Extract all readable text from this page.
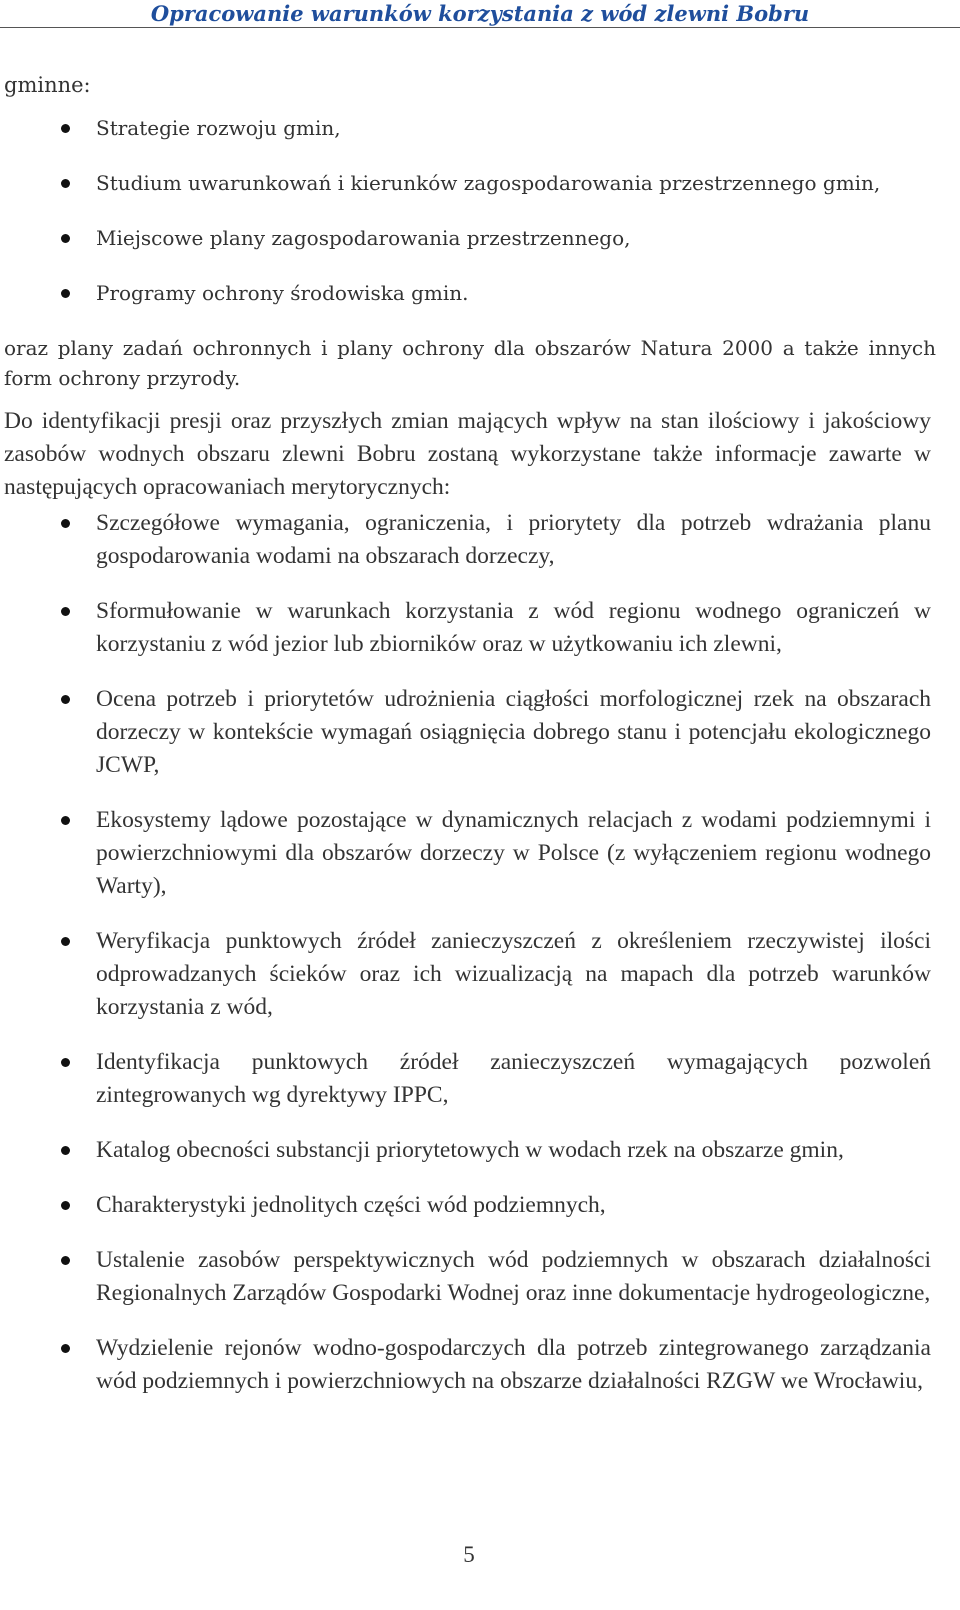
Opracowanie warunków korzystania z wód zlewni Bobru
gminne:
Strategie rozwoju gmin,
Studium uwarunkowań i kierunków zagospodarowania przestrzennego gmin,
Miejscowe plany zagospodarowania przestrzennego,
Programy ochrony środowiska gmin.

oraz plany zadań ochronnych i plany ochrony dla obszarów Natura 2000 a także innych form ochrony przyrody.

Do identyfikacji presji oraz przyszłych zmian mających wpływ na stan ilościowy i jakościowy zasobów wodnych obszaru zlewni Bobru zostaną wykorzystane także informacje zawarte w następujących opracowaniach merytorycznych:

Szczegółowe wymagania, ograniczenia, i priorytety dla potrzeb wdrażania planu gospodarowania wodami na obszarach dorzeczy,
Sformułowanie w warunkach korzystania z wód regionu wodnego ograniczeń w korzystaniu z wód jezior lub zbiorników oraz w użytkowaniu ich zlewni,
Ocena potrzeb i priorytetów udrożnienia ciągłości morfologicznej rzek na obszarach dorzeczy w kontekście wymagań osiągnięcia dobrego stanu i potencjału ekologicznego JCWP,
Ekosystemy lądowe pozostające w dynamicznych relacjach z wodami podziemnymi i powierzchniowymi dla obszarów dorzeczy w Polsce (z wyłączeniem regionu wodnego Warty),
Weryfikacja punktowych źródeł zanieczyszczeń z określeniem rzeczywistej ilości odprowadzanych ścieków oraz ich wizualizacją na mapach dla potrzeb warunków korzystania z wód,
Identyfikacja punktowych źródeł zanieczyszczeń wymagających pozwoleń zintegrowanych wg dyrektywy IPPC,
Katalog obecności substancji priorytetowych w wodach rzek na obszarze gmin,
Charakterystyki jednolitych części wód podziemnych,
Ustalenie zasobów perspektywicznych wód podziemnych w obszarach działalności Regionalnych Zarządów Gospodarki Wodnej oraz inne dokumentacje hydrogeologiczne,
Wydzielenie rejonów wodno-gospodarczych dla potrzeb zintegrowanego zarządzania wód podziemnych i powierzchniowych na obszarze działalności RZGW we Wrocławiu,
5
